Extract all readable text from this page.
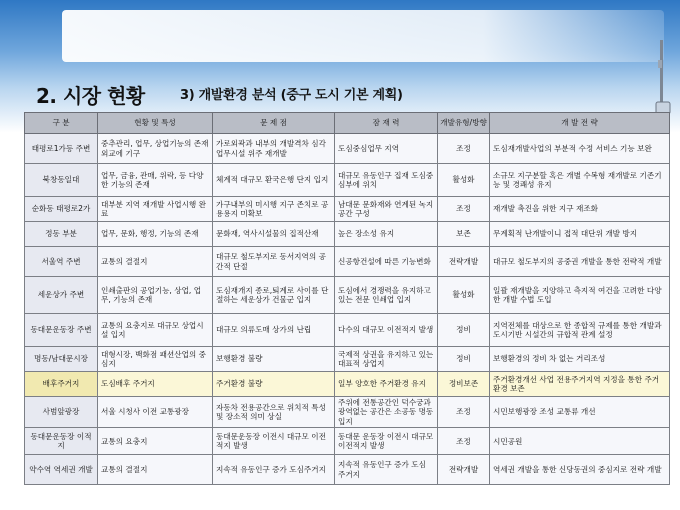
2. 시장 현황	3) 개발환경 분석 (중구 도시 기본 계획)
구 분	현황 및 특성	문 제 점	잠 재 력	개발유형/방향	개 발 전 략
태평로1가등 주변	중추관리, 업무, 상업기능의 존재 외교에 기구	가로외곽과 내부의 개발격차 심각 업무시설 위주 재개발	도심중심업무 지역	조정	도심재개발사업의 부분적 수정 서비스 기능 보완
북창동일대	업무, 금융, 관매, 위락, 등 다양한 기능의 존재	체계적 대규모 환국은행 단지 입지	대규모 유동인구 집재 도심중심부에 위치	활성화	소규모 지구분할 혹은 개별 수복형 재개발로 기존기능 및 경쾌성 유지
순화동 태평로2가	대부분 지역 재개발 사업시행 완료	가구내부의 미시행 지구 존치로 공용용지 미확보	남대문 문화재와 연계된 녹지공간 구성	조정	재개발 촉진을 위한 지구 재조화
정동 부분	업무, 문화, 행정, 기능의 존재	문화재, 역사시설물의 집적산재	높은 장소성 유지	보존	무계획적 난개발이니 접적 대단위 개발 방지
서울역 주변	교통의 결절지	대규모 철도부지로 동서지역의 공간적 단절	신공항건설에 따른 기능변화	전략개발	대규모 철도부지의 공중권 개발을 통한 전략적 개발
세운상가 주변	인쇄출판의 공업기능, 상업, 업무, 기능의 존재	도심재개지 종로,퇴계로 사이를 단절하는 세운상가 건물군 입지	도심에서 경쟁력을 유지하고 있는 전문 인쇄업 입지	활성화	일괄 재개발을 지양하고 측지적 여건을 고려한 다양한 개발 수법 도입
동대문운동장 주변	교통의 요충지로 대규모 상업시설 입지	대규모 의류도매 상가의 난립	다수의 대규모 이전적지 발생	정비	지역전체를 대상으로 한 종합적 규제를 통한 개발과 도시기반 시설간의 규합적 관계 설정
명동/남대문시장	대형시장, 백화점 패션산업의 중심지	보행환경 불량	국제적 상권을 유지하고 있는 대표적 상업지	정비	보행환경의 정비 차 없는 거리조성
배후주거지	도심배후 주거지	주거환경 불량	일부 양호한 주거환경 유지	정비보존	주거환경개선 사업 전용주거지역 지정을 통한 주거환경 보존
사범앞광장	서울 시청사 이전 교통광장	자동차 전용공간으로 위치적 특성 및 장소적 의미 상실	주위에 전통공간인 덕수궁과 광역없는 공간은 소공동 명동 입지	조정	시민보행광장 조성 교통류 개선
동대문운동장 이적지	교통의 요충지	동대문운동장 이전시 대규모 이전적지 발생	동대문 운동장 이전시 대규모 이전적지 발생	조정	시민공원
약수역 역세권 개발	교통의 결절지	지속적 유동인구 증가 도심주거지	지속적 유동인구 증가 도심 주거지	전략개발	역세권 개발을 통한 신당동권의 중심지로 전략 개발
